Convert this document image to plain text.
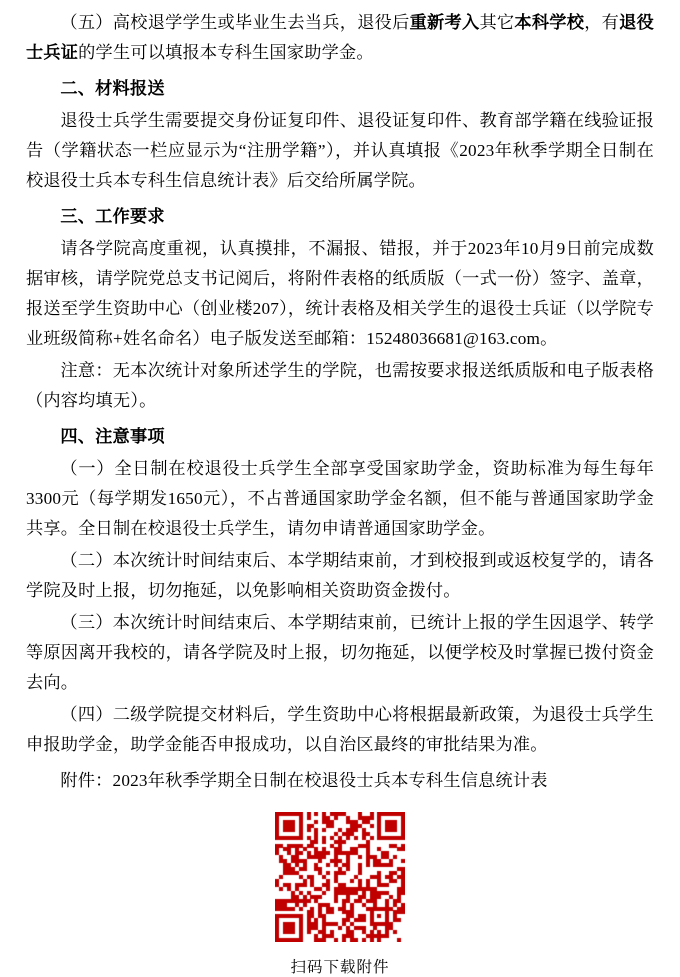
（五）高校退学学生或毕业生去当兵，退役后重新考入其它本科学校，有退役士兵证的学生可以填报本专科生国家助学金。

二、材料报送

退役士兵学生需要提交身份证复印件、退役证复印件、教育部学籍在线验证报告（学籍状态一栏应显示为“注册学籍”），并认真填报《2023年秋季学期全日制在校退役士兵本专科生信息统计表》后交给所属学院。

三、工作要求

请各学院高度重视，认真摸排，不漏报、错报，并于2023年10月9日前完成数据审核，请学院党总支书记阅后，将附件表格的纸质版（一式一份）签字、盖章，报送至学生资助中心（创业楼207），统计表格及相关学生的退役士兵证（以学院专业班级简称+姓名命名）电子版发送至邮箱：15248036681@163.com。

注意：无本次统计对象所述学生的学院，也需按要求报送纸质版和电子版表格（内容均填无）。

四、注意事项

（一）全日制在校退役士兵学生全部享受国家助学金，资助标准为每生每年3300元（每学期发1650元），不占普通国家助学金名额，但不能与普通国家助学金共享。全日制在校退役士兵学生，请勿申请普通国家助学金。

（二）本次统计时间结束后、本学期结束前，才到校报到或返校复学的，请各学院及时上报，切勿拖延，以免影响相关资助资金拨付。

（三）本次统计时间结束后、本学期结束前，已统计上报的学生因退学、转学等原因离开我校的，请各学院及时上报，切勿拖延，以便学校及时掌握已拨付资金去向。

（四）二级学院提交材料后，学生资助中心将根据最新政策，为退役士兵学生申报助学金，助学金能否申报成功，以自治区最终的审批结果为准。

附件：2023年秋季学期全日制在校退役士兵本专科生信息统计表

扫码下载附件
